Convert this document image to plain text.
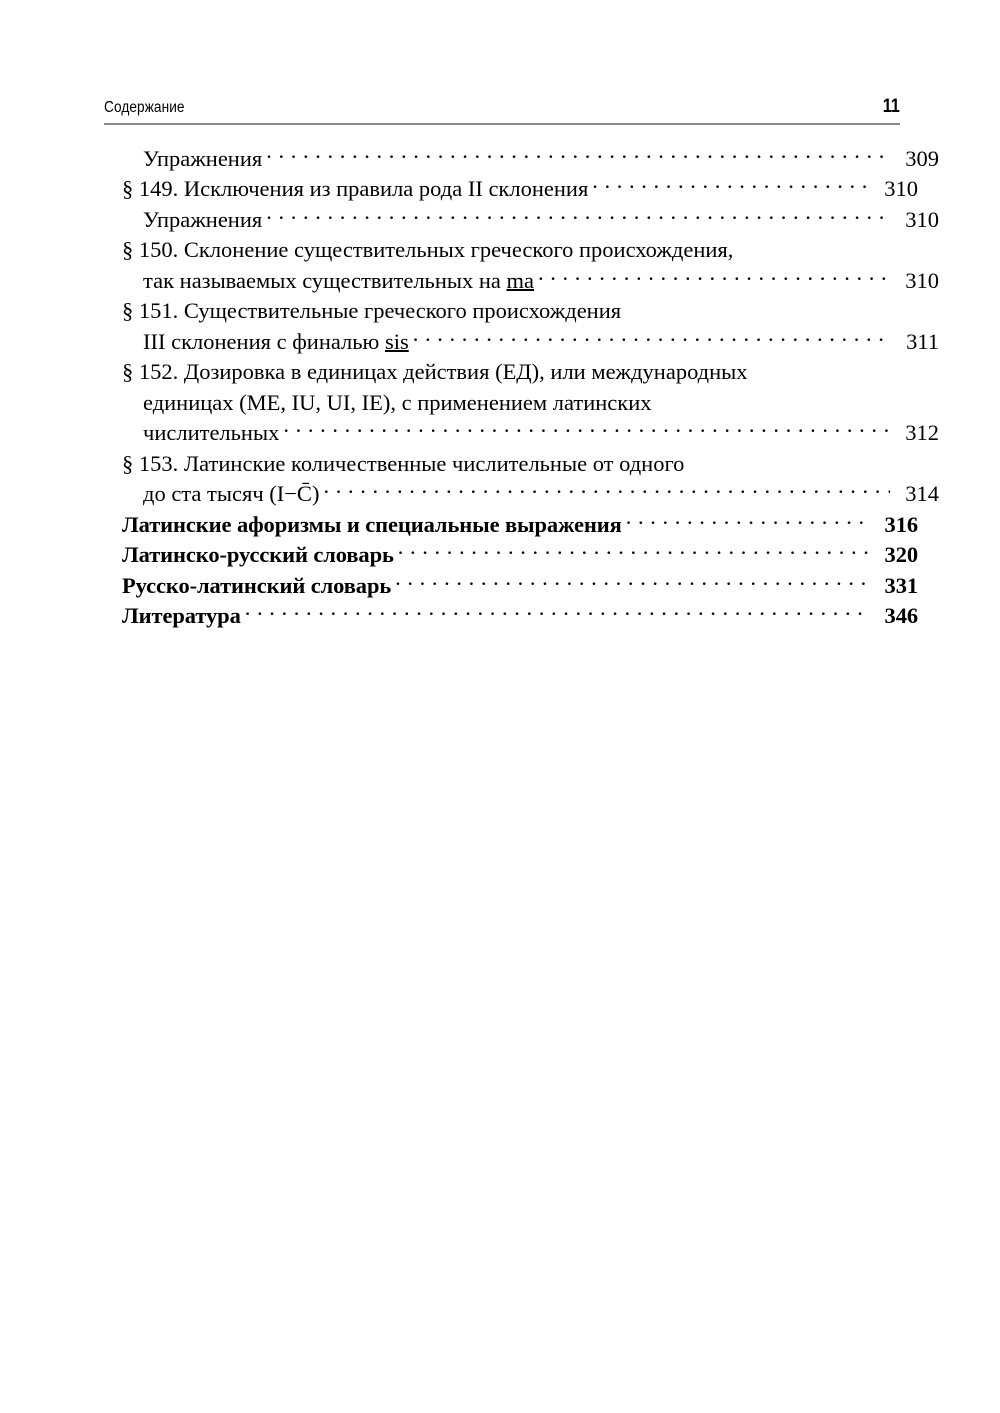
Содержание	11
Упражнения . . .	309
§ 149. Исключения из правила рода II склонения . . .	310
Упражнения . . .	310
§ 150. Склонение существительных греческого происхождения,
так называемых существительных на ma . . .	310
§ 151. Существительные греческого происхождения
III склонения с финалью sis . . .	311
§ 152. Дозировка в единицах действия (ЕД), или международных
единицах (МЕ, IU, UI, IE), с применением латинских
числительных . . .	312
§ 153. Латинские количественные числительные от одного
до ста тысяч (I−C̄) . . .	314
Латинские афоризмы и специальные выражения . . .	316
Латинско-русский словарь . . .	320
Русско-латинский словарь . . .	331
Литература . . .	346
